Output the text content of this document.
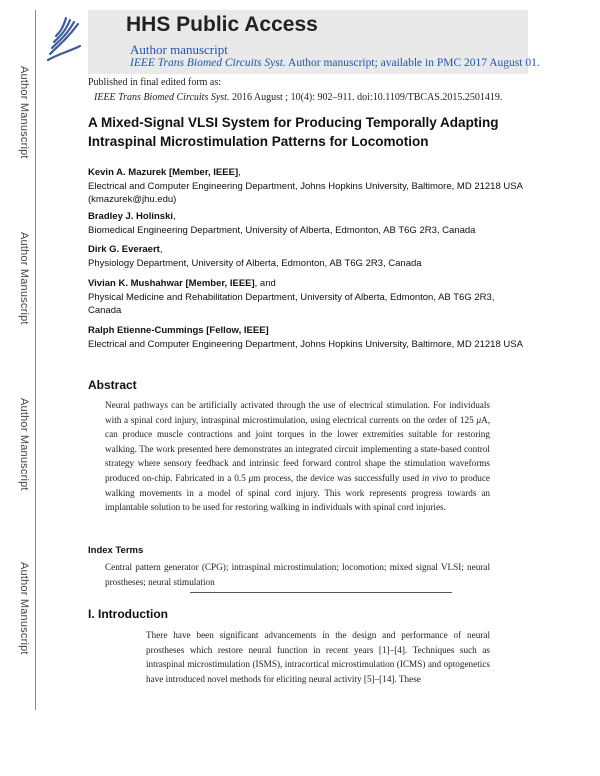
Author Manuscript
Author Manuscript
Author Manuscript
Author Manuscript
HHS Public Access
Author manuscript
IEEE Trans Biomed Circuits Syst. Author manuscript; available in PMC 2017 August 01.
Published in final edited form as:
IEEE Trans Biomed Circuits Syst. 2016 August ; 10(4): 902–911. doi:10.1109/TBCAS.2015.2501419.
A Mixed-Signal VLSI System for Producing Temporally Adapting Intraspinal Microstimulation Patterns for Locomotion
Kevin A. Mazurek [Member, IEEE],
Electrical and Computer Engineering Department, Johns Hopkins University, Baltimore, MD 21218 USA (kmazurek@jhu.edu)
Bradley J. Holinski,
Biomedical Engineering Department, University of Alberta, Edmonton, AB T6G 2R3, Canada
Dirk G. Everaert,
Physiology Department, University of Alberta, Edmonton, AB T6G 2R3, Canada
Vivian K. Mushahwar [Member, IEEE], and
Physical Medicine and Rehabilitation Department, University of Alberta, Edmonton, AB T6G 2R3, Canada
Ralph Etienne-Cummings [Fellow, IEEE]
Electrical and Computer Engineering Department, Johns Hopkins University, Baltimore, MD 21218 USA
Abstract
Neural pathways can be artificially activated through the use of electrical stimulation. For individuals with a spinal cord injury, intraspinal microstimulation, using electrical currents on the order of 125 μA, can produce muscle contractions and joint torques in the lower extremities suitable for restoring walking. The work presented here demonstrates an integrated circuit implementing a state-based control strategy where sensory feedback and intrinsic feed forward control shape the stimulation waveforms produced on-chip. Fabricated in a 0.5 μm process, the device was successfully used in vivo to produce walking movements in a model of spinal cord injury. This work represents progress towards an implantable solution to be used for restoring walking in individuals with spinal cord injuries.
Index Terms
Central pattern generator (CPG); intraspinal microstimulation; locomotion; mixed signal VLSI; neural prostheses; neural stimulation
I. Introduction
There have been significant advancements in the design and performance of neural prostheses which restore neural function in recent years [1]–[4]. Techniques such as intraspinal microstimulation (ISMS), intracortical microstimulation (ICMS) and optogenetics have introduced novel methods for eliciting neural activity [5]–[14]. These
